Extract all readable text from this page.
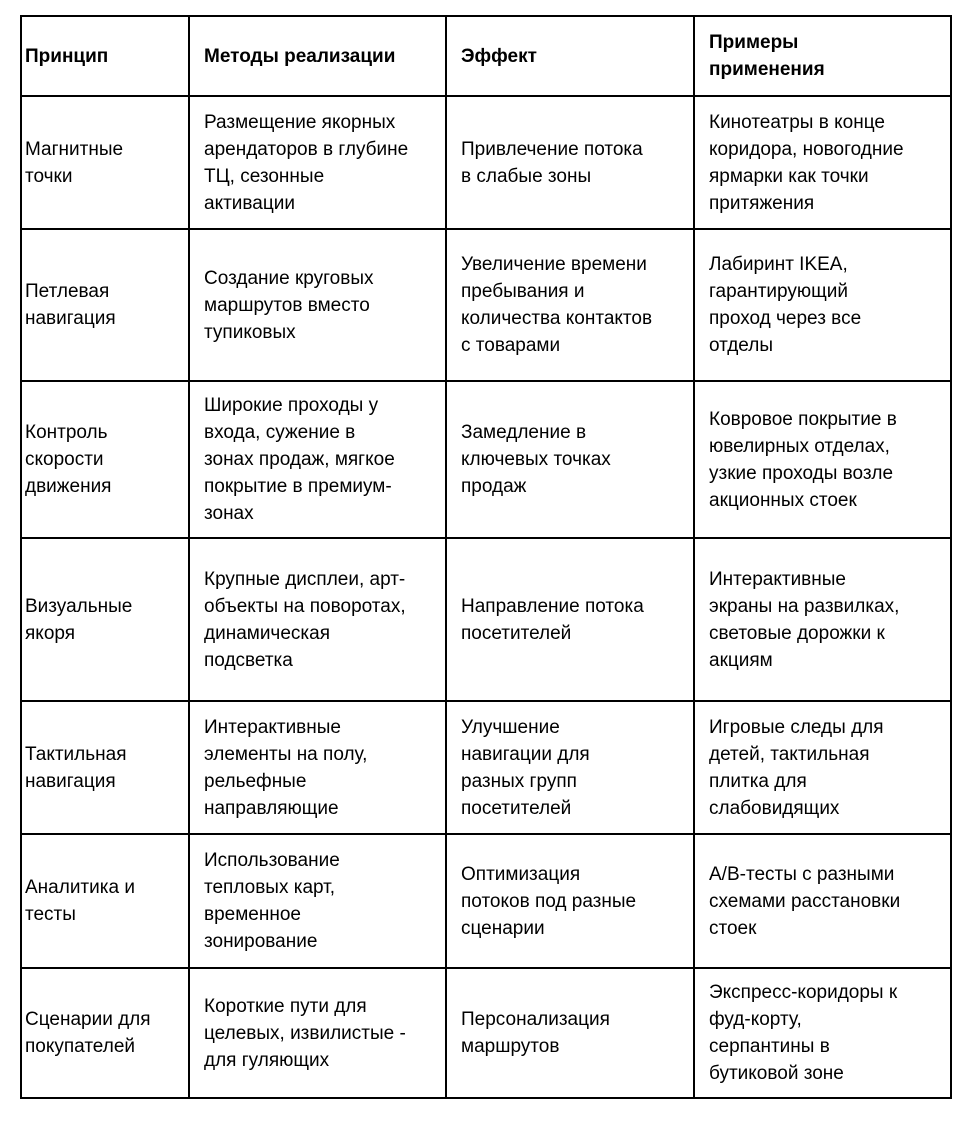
Принцип	Методы реализации	Эффект	Примеры применения
Магнитные точки	Размещение якорных арендаторов в глубине ТЦ, сезонные активации	Привлечение потока в слабые зоны	Кинотеатры в конце коридора, новогодние ярмарки как точки притяжения
Петлевая навигация	Создание круговых маршрутов вместо тупиковых	Увеличение времени пребывания и количества контактов с товарами	Лабиринт IKEA, гарантирующий проход через все отделы
Контроль скорости движения	Широкие проходы у входа, сужение в зонах продаж, мягкое покрытие в премиум-зонах	Замедление в ключевых точках продаж	Ковровое покрытие в ювелирных отделах, узкие проходы возле акционных стоек
Визуальные якоря	Крупные дисплеи, арт-объекты на поворотах, динамическая подсветка	Направление потока посетителей	Интерактивные экраны на развилках, световые дорожки к акциям
Тактильная навигация	Интерактивные элементы на полу, рельефные направляющие	Улучшение навигации для разных групп посетителей	Игровые следы для детей, тактильная плитка для слабовидящих
Аналитика и тесты	Использование тепловых карт, временное зонирование	Оптимизация потоков под разные сценарии	A/B-тесты с разными схемами расстановки стоек
Сценарии для покупателей	Короткие пути для целевых, извилистые - для гуляющих	Персонализация маршрутов	Экспресс-коридоры к фуд-корту, серпантины в бутиковой зоне
